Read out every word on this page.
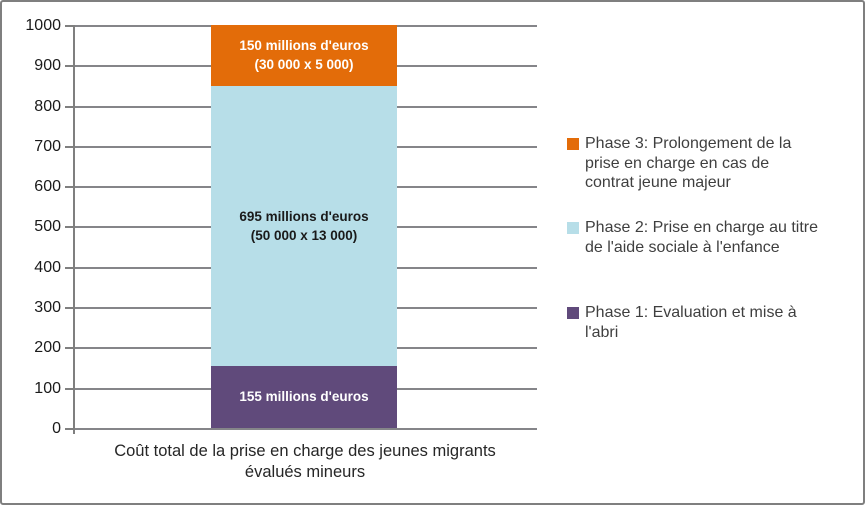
1000
900
800
700
600
500
400
300
200
100
0
150 millions d'euros
(30 000 x 5 000)
695 millions d'euros
(50 000 x 13 000)
155 millions d'euros
Coût total de la prise en charge des jeunes migrants
évalués mineurs
Phase 3: Prolongement de la
prise en charge en cas de
contrat jeune majeur
Phase 2: Prise en charge au titre
de l'aide sociale à l'enfance
Phase 1: Evaluation et mise à
l'abri
